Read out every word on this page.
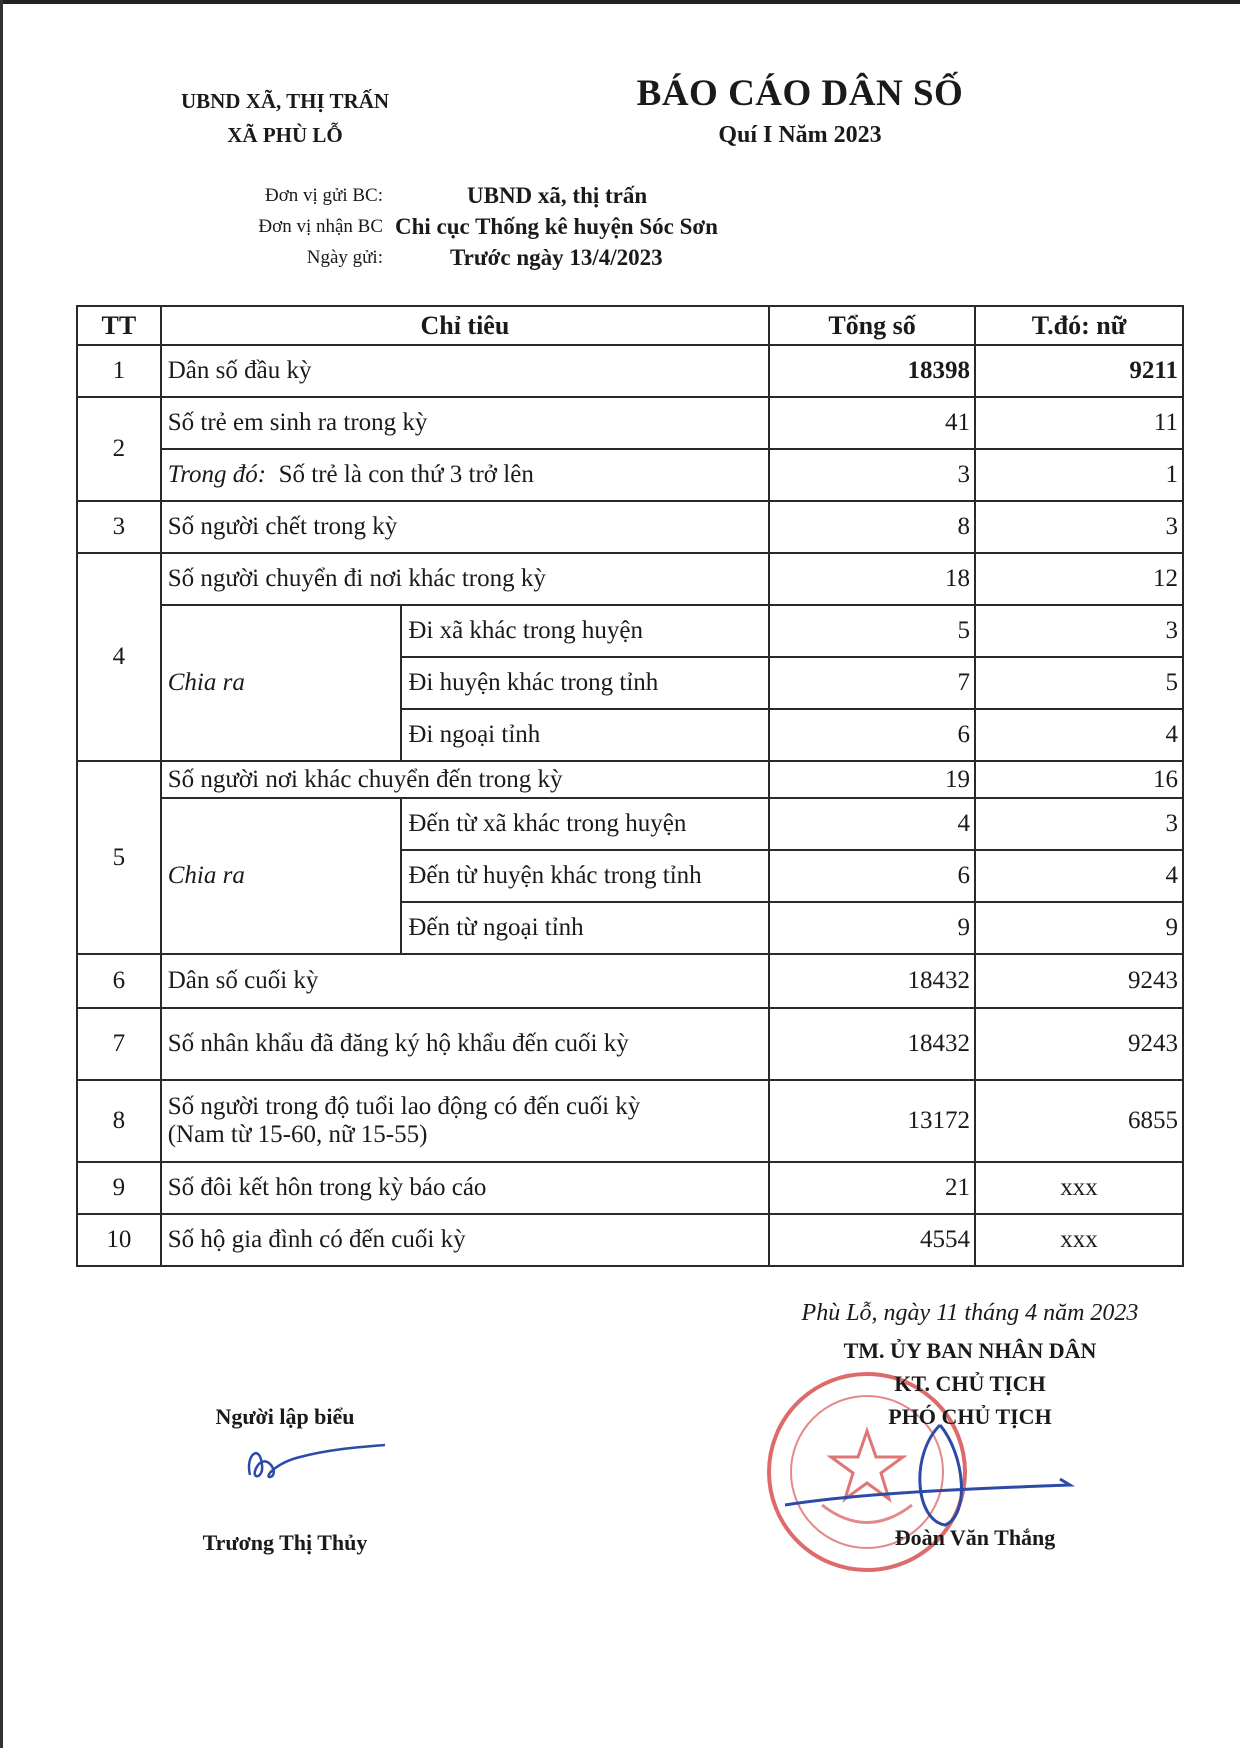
UBND XÃ, THỊ TRẤN
XÃ PHÙ LỖ
BÁO CÁO DÂN SỐ
Quí I Năm 2023
Đơn vị gửi BC:	UBND xã, thị trấn
Đơn vị nhận BC Chi cục Thống kê huyện Sóc Sơn
Ngày gửi:	Trước ngày 13/4/2023
TT	Chỉ tiêu		Tổng số	T.đó: nữ
1	Dân số đầu kỳ		18398	9211
2	Số trẻ em sinh ra trong kỳ		41	11
	Trong đó: Số trẻ là con thứ 3 trở lên		3	1
3	Số người chết trong kỳ		8	3
4	Số người chuyển đi nơi khác trong kỳ		18	12
	Chia ra	Đi xã khác trong huyện	5	3
		Đi huyện khác trong tỉnh	7	5
		Đi ngoại tỉnh	6	4
5	Số người nơi khác chuyển đến trong kỳ		19	16
	Chia ra	Đến từ xã khác trong huyện	4	3
		Đến từ huyện khác trong tỉnh	6	4
		Đến từ ngoại tỉnh	9	9
6	Dân số cuối kỳ		18432	9243
7	Số nhân khẩu đã đăng ký hộ khẩu đến cuối kỳ		18432	9243
8	Số người trong độ tuổi lao động có đến cuối kỳ
(Nam từ 15-60, nữ 15-55)		13172	6855
9	Số đôi kết hôn trong kỳ báo cáo		21	xxx
10	Số hộ gia đình có đến cuối kỳ		4554	xxx
Phù Lỗ, ngày 11 tháng 4 năm 2023
TM. ỦY BAN NHÂN DÂN
KT. CHỦ TỊCH
PHÓ CHỦ TỊCH
Đoàn Văn Thắng
Người lập biểu
Trương Thị Thủy
